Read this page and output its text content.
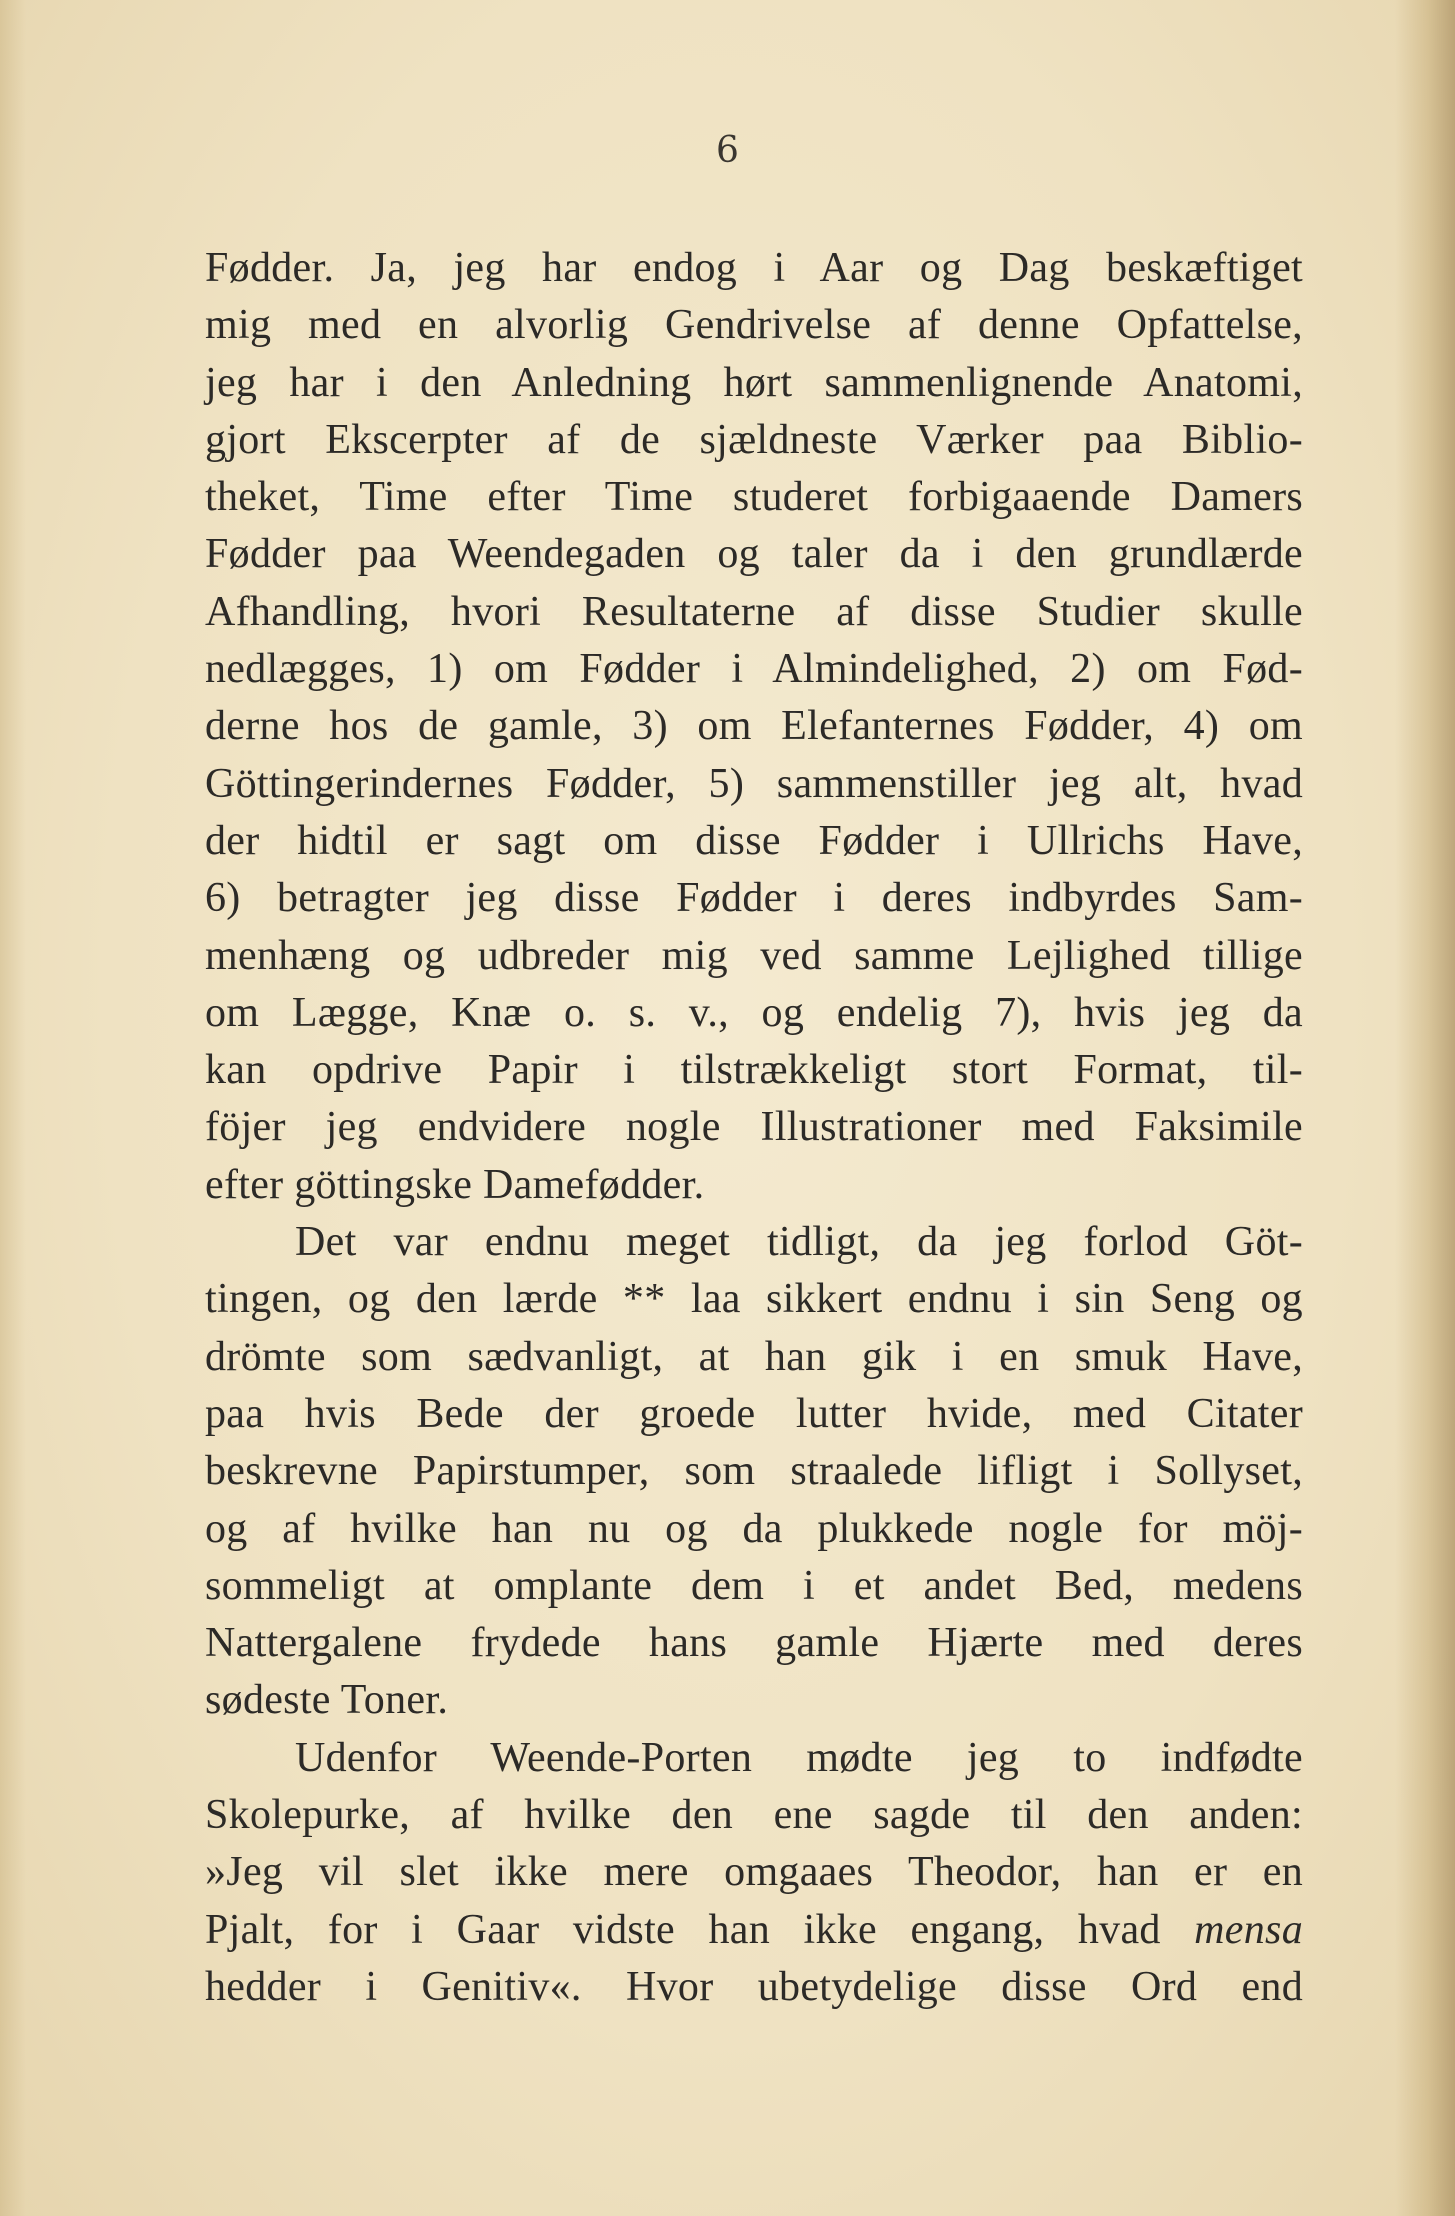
6
Fødder. Ja, jeg har endog i Aar og Dag beskæftiget
mig med en alvorlig Gendrivelse af denne Opfattelse,
jeg har i den Anledning hørt sammenlignende Anatomi,
gjort Ekscerpter af de sjældneste Værker paa Biblio-
theket, Time efter Time studeret forbigaaende Damers
Fødder paa Weendegaden og taler da i den grundlærde
Afhandling, hvori Resultaterne af disse Studier skulle
nedlægges, 1) om Fødder i Almindelighed, 2) om Fød-
derne hos de gamle, 3) om Elefanternes Fødder, 4) om
Göttingerindernes Fødder, 5) sammenstiller jeg alt, hvad
der hidtil er sagt om disse Fødder i Ullrichs Have,
6) betragter jeg disse Fødder i deres indbyrdes Sam-
menhæng og udbreder mig ved samme Lejlighed tillige
om Lægge, Knæ o. s. v., og endelig 7), hvis jeg da
kan opdrive Papir i tilstrækkeligt stort Format, til-
föjer jeg endvidere nogle Illustrationer med Faksimile
efter göttingske Damefødder.
Det var endnu meget tidligt, da jeg forlod Göt-
tingen, og den lærde ** laa sikkert endnu i sin Seng og
drömte som sædvanligt, at han gik i en smuk Have,
paa hvis Bede der groede lutter hvide, med Citater
beskrevne Papirstumper, som straalede lifligt i Sollyset,
og af hvilke han nu og da plukkede nogle for möj-
sommeligt at omplante dem i et andet Bed, medens
Nattergalene frydede hans gamle Hjærte med deres
sødeste Toner.
Udenfor Weende-Porten mødte jeg to indfødte
Skolepurke, af hvilke den ene sagde til den anden:
»Jeg vil slet ikke mere omgaaes Theodor, han er en
Pjalt, for i Gaar vidste han ikke engang, hvad mensa
hedder i Genitiv«. Hvor ubetydelige disse Ord end
